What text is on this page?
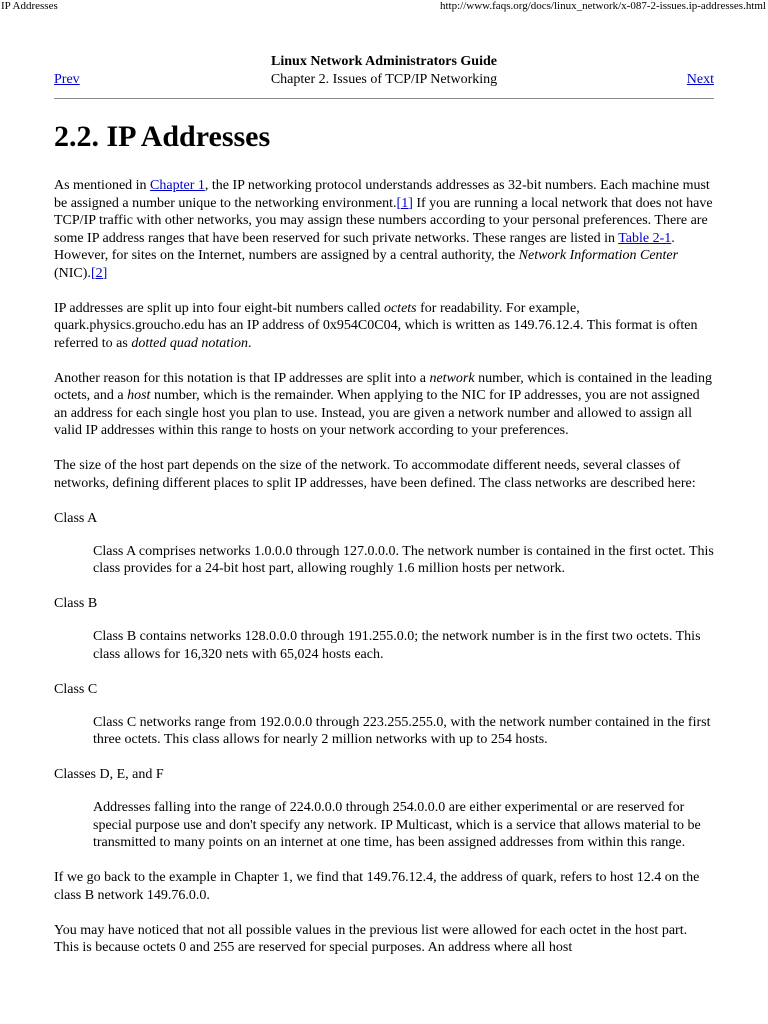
IP Addresses	http://www.faqs.org/docs/linux_network/x-087-2-issues.ip-addresses.html
Linux Network Administrators Guide
Chapter 2. Issues of TCP/IP Networking
Prev	Next
2.2. IP Addresses

As mentioned in Chapter 1, the IP networking protocol understands addresses as 32-bit numbers. Each machine must be assigned a number unique to the networking environment.[1] If you are running a local network that does not have TCP/IP traffic with other networks, you may assign these numbers according to your personal preferences. There are some IP address ranges that have been reserved for such private networks. These ranges are listed in Table 2-1. However, for sites on the Internet, numbers are assigned by a central authority, the Network Information Center (NIC).[2]

IP addresses are split up into four eight-bit numbers called octets for readability. For example, quark.physics.groucho.edu has an IP address of 0x954C0C04, which is written as 149.76.12.4. This format is often referred to as dotted quad notation.

Another reason for this notation is that IP addresses are split into a network number, which is contained in the leading octets, and a host number, which is the remainder. When applying to the NIC for IP addresses, you are not assigned an address for each single host you plan to use. Instead, you are given a network number and allowed to assign all valid IP addresses within this range to hosts on your network according to your preferences.

The size of the host part depends on the size of the network. To accommodate different needs, several classes of networks, defining different places to split IP addresses, have been defined. The class networks are described here:

Class A
Class A comprises networks 1.0.0.0 through 127.0.0.0. The network number is contained in the first octet. This class provides for a 24-bit host part, allowing roughly 1.6 million hosts per network.
Class B
Class B contains networks 128.0.0.0 through 191.255.0.0; the network number is in the first two octets. This class allows for 16,320 nets with 65,024 hosts each.
Class C
Class C networks range from 192.0.0.0 through 223.255.255.0, with the network number contained in the first three octets. This class allows for nearly 2 million networks with up to 254 hosts.
Classes D, E, and F
Addresses falling into the range of 224.0.0.0 through 254.0.0.0 are either experimental or are reserved for special purpose use and don't specify any network. IP Multicast, which is a service that allows material to be transmitted to many points on an internet at one time, has been assigned addresses from within this range.

If we go back to the example in Chapter 1, we find that 149.76.12.4, the address of quark, refers to host 12.4 on the class B network 149.76.0.0.

You may have noticed that not all possible values in the previous list were allowed for each octet in the host part. This is because octets 0 and 255 are reserved for special purposes. An address where all host
